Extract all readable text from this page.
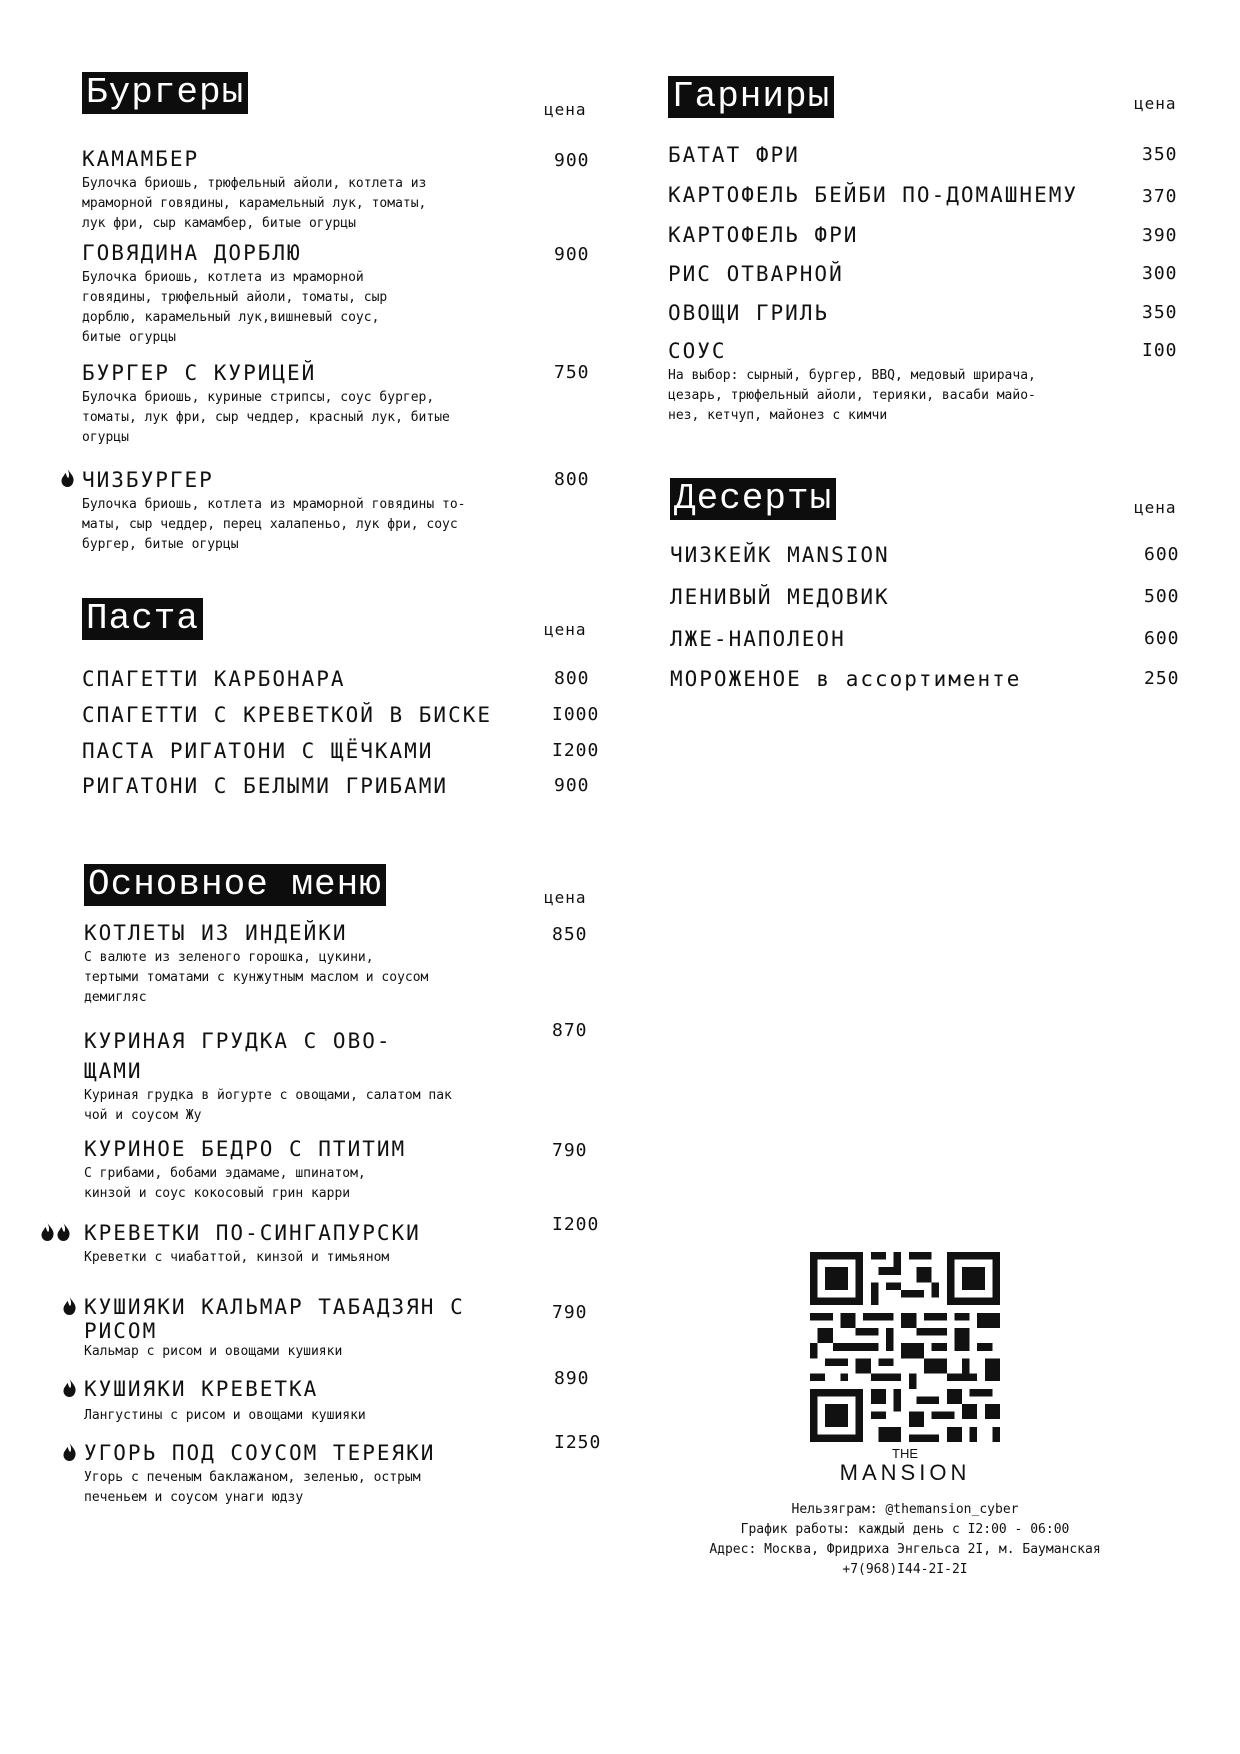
Бургеры	цена
КАМАМБЕР
Булочка бриошь, трюфельный айоли, котлета из
мраморной говядины, карамельный лук, томаты,
лук фри, сыр камамбер, битые огурцы
900
ГОВЯДИНА ДОРБЛЮ
Булочка бриошь, котлета из мраморной
говядины, трюфельный айоли, томаты, сыр
дорблю, карамельный лук,вишневый соус,
битые огурцы
900
БУРГЕР С КУРИЦЕЙ
Булочка бриошь, куриные стрипсы, соус бургер,
томаты, лук фри, сыр чеддер, красный лук, битые
огурцы
750
ЧИЗБУРГЕР
Булочка бриошь, котлета из мраморной говядины то-
маты, сыр чеддер, перец халапеньо, лук фри, соус
бургер, битые огурцы
800
Паста	цена
СПАГЕТТИ КАРБОНАРА	800
СПАГЕТТИ С КРЕВЕТКОЙ В БИСКЕ	I000
ПАСТА РИГАТОНИ С ЩЁЧКАМИ	I200
РИГАТОНИ С БЕЛЫМИ ГРИБАМИ	900
Основное меню	цена
КОТЛЕТЫ ИЗ ИНДЕЙКИ
С валюте из зеленого горошка, цукини,
тертыми томатами с кунжутным маслом и соусом
демигляс
850
КУРИНАЯ ГРУДКА С ОВО-
ЩАМИ
Куриная грудка в йогурте с овощами, салатом пак
чой и соусом Жу
870
КУРИНОЕ БЕДРО С ПТИТИМ
С грибами, бобами эдамаме, шпинатом,
кинзой и соус кокосовый грин карри
790
КРЕВЕТКИ ПО-СИНГАПУРСКИ
Креветки с чиабаттой, кинзой и тимьяном
I200
КУШИЯКИ КАЛЬМАР ТАБАДЗЯН С
РИСОМ
Кальмар с рисом и овощами кушияки
790
КУШИЯКИ КРЕВЕТКА
Лангустины с рисом и овощами кушияки
890
УГОРЬ ПОД СОУСОМ ТЕРЕЯКИ
Угорь с печеным баклажаном, зеленью, острым
печеньем и соусом унаги юдзу
I250
Гарниры	цена
БАТАТ ФРИ	350
КАРТОФЕЛЬ БЕЙБИ ПО-ДОМАШНЕМУ	370
КАРТОФЕЛЬ ФРИ	390
РИС ОТВАРНОЙ	300
ОВОЩИ ГРИЛЬ	350
СОУС
На выбор: сырный, бургер, BBQ, медовый шрирача,
цезарь, трюфельный айоли, терияки, васаби майо-
нез, кетчуп, майонез с кимчи
I00
Десерты	цена
ЧИЗКЕЙК MANSION	600
ЛЕНИВЫЙ МЕДОВИК	500
ЛЖЕ-НАПОЛЕОН	600
МОРОЖЕНОЕ в ассортименте	250
THE
MANSION
Нельзяграм: @themansion_cyber
График работы: каждый день с I2:00 - 06:00
Адрес: Москва, Фридриха Энгельса 2I, м. Бауманская
+7(968)I44-2I-2I
